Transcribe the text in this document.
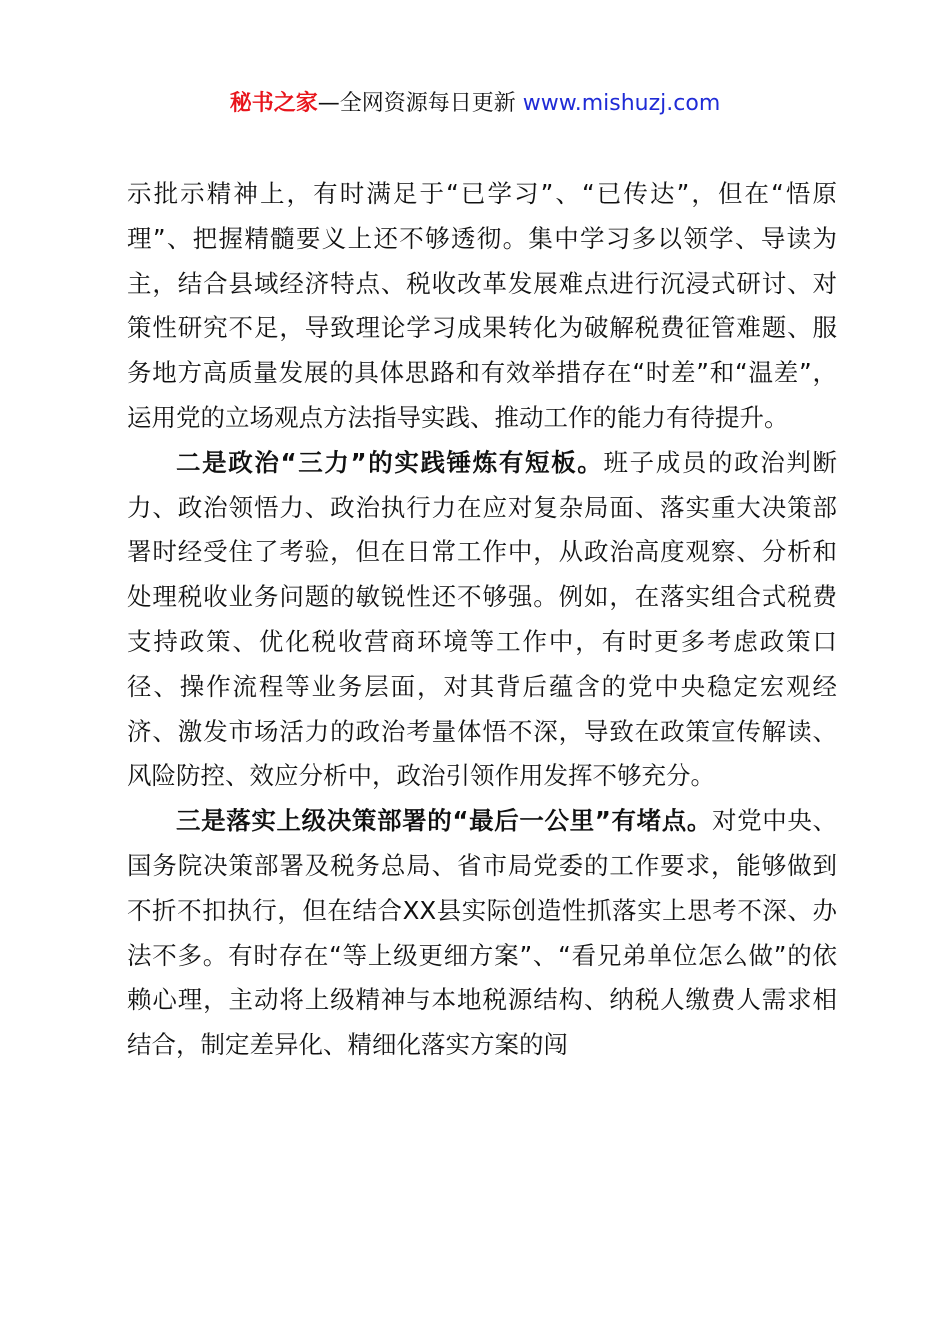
秘书之家—全网资源每日更新 www.mishuzj.com

示批示精神上，有时满足于“已学习”、“已传达”，但在“悟原理”、把握精髓要义上还不够透彻。集中学习多以领学、导读为主，结合县域经济特点、税收改革发展难点进行沉浸式研讨、对策性研究不足，导致理论学习成果转化为破解税费征管难题、服务地方高质量发展的具体思路和有效举措存在“时差”和“温差”，运用党的立场观点方法指导实践、推动工作的能力有待提升。

二是政治“三力”的实践锤炼有短板。班子成员的政治判断力、政治领悟力、政治执行力在应对复杂局面、落实重大决策部署时经受住了考验，但在日常工作中，从政治高度观察、分析和处理税收业务问题的敏锐性还不够强。例如，在落实组合式税费支持政策、优化税收营商环境等工作中，有时更多考虑政策口径、操作流程等业务层面，对其背后蕴含的党中央稳定宏观经济、激发市场活力的政治考量体悟不深，导致在政策宣传解读、风险防控、效应分析中，政治引领作用发挥不够充分。

三是落实上级决策部署的“最后一公里”有堵点。对党中央、国务院决策部署及税务总局、省市局党委的工作要求，能够做到不折不扣执行，但在结合XX县实际创造性抓落实上思考不深、办法不多。有时存在“等上级更细方案”、“看兄弟单位怎么做”的依赖心理，主动将上级精神与本地税源结构、纳税人缴费人需求相结合，制定差异化、精细化落实方案的闯
